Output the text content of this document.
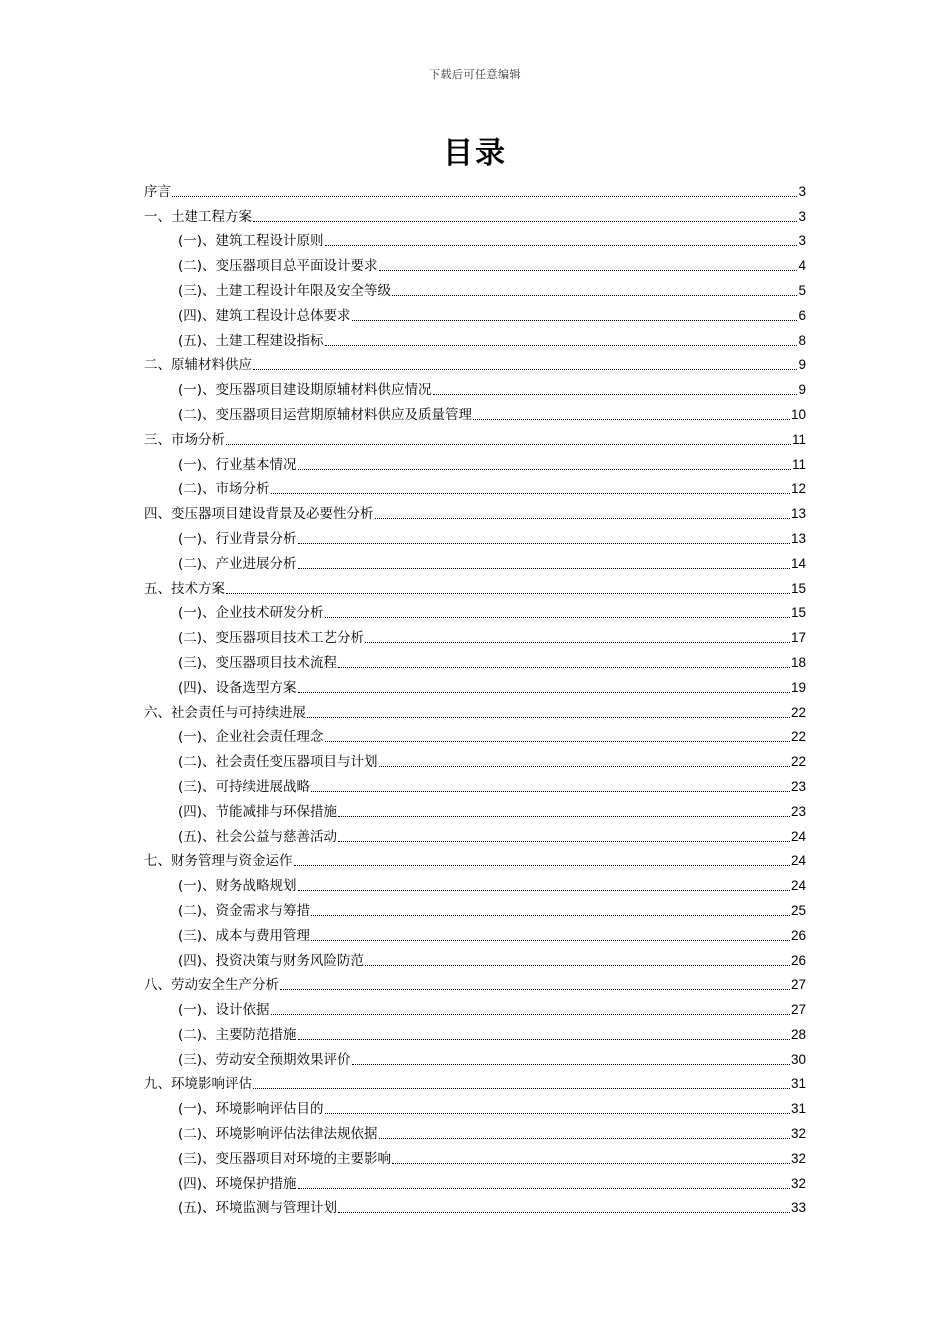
下载后可任意编辑
目录
序言	3
一、土建工程方案	3
(一)、建筑工程设计原则	3
(二)、变压器项目总平面设计要求	4
(三)、土建工程设计年限及安全等级	5
(四)、建筑工程设计总体要求	6
(五)、土建工程建设指标	8
二、原辅材料供应	9
(一)、变压器项目建设期原辅材料供应情况	9
(二)、变压器项目运营期原辅材料供应及质量管理	10
三、市场分析	11
(一)、行业基本情况	11
(二)、市场分析	12
四、变压器项目建设背景及必要性分析	13
(一)、行业背景分析	13
(二)、产业进展分析	14
五、技术方案	15
(一)、企业技术研发分析	15
(二)、变压器项目技术工艺分析	17
(三)、变压器项目技术流程	18
(四)、设备选型方案	19
六、社会责任与可持续进展	22
(一)、企业社会责任理念	22
(二)、社会责任变压器项目与计划	22
(三)、可持续进展战略	23
(四)、节能减排与环保措施	23
(五)、社会公益与慈善活动	24
七、财务管理与资金运作	24
(一)、财务战略规划	24
(二)、资金需求与筹措	25
(三)、成本与费用管理	26
(四)、投资决策与财务风险防范	26
八、劳动安全生产分析	27
(一)、设计依据	27
(二)、主要防范措施	28
(三)、劳动安全预期效果评价	30
九、环境影响评估	31
(一)、环境影响评估目的	31
(二)、环境影响评估法律法规依据	32
(三)、变压器项目对环境的主要影响	32
(四)、环境保护措施	32
(五)、环境监测与管理计划	33
